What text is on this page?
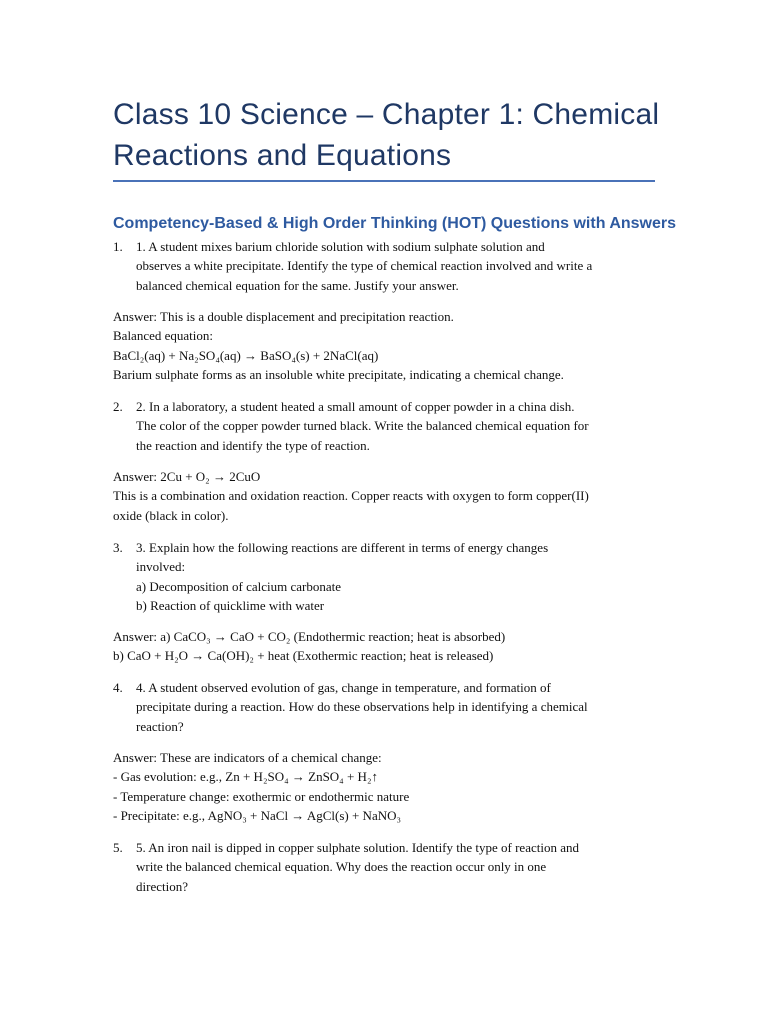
Class 10 Science – Chapter 1: Chemical
Reactions and Equations
Competency-Based & High Order Thinking (HOT) Questions with Answers
1. 1. A student mixes barium chloride solution with sodium sulphate solution and
observes a white precipitate. Identify the type of chemical reaction involved and write a
balanced chemical equation for the same. Justify your answer.
Answer: This is a double displacement and precipitation reaction.
Balanced equation:
BaCl₂(aq) + Na₂SO₄(aq) → BaSO₄(s) + 2NaCl(aq)
Barium sulphate forms as an insoluble white precipitate, indicating a chemical change.
2. 2. In a laboratory, a student heated a small amount of copper powder in a china dish.
The color of the copper powder turned black. Write the balanced chemical equation for
the reaction and identify the type of reaction.
Answer: 2Cu + O₂ → 2CuO
This is a combination and oxidation reaction. Copper reacts with oxygen to form copper(II)
oxide (black in color).
3. 3. Explain how the following reactions are different in terms of energy changes
involved:
a) Decomposition of calcium carbonate
b) Reaction of quicklime with water
Answer: a) CaCO₃ → CaO + CO₂ (Endothermic reaction; heat is absorbed)
b) CaO + H₂O → Ca(OH)₂ + heat (Exothermic reaction; heat is released)
4. 4. A student observed evolution of gas, change in temperature, and formation of
precipitate during a reaction. How do these observations help in identifying a chemical
reaction?
Answer: These are indicators of a chemical change:
- Gas evolution: e.g., Zn + H₂SO₄ → ZnSO₄ + H₂↑
- Temperature change: exothermic or endothermic nature
- Precipitate: e.g., AgNO₃ + NaCl → AgCl(s) + NaNO₃
5. 5. An iron nail is dipped in copper sulphate solution. Identify the type of reaction and
write the balanced chemical equation. Why does the reaction occur only in one
direction?
